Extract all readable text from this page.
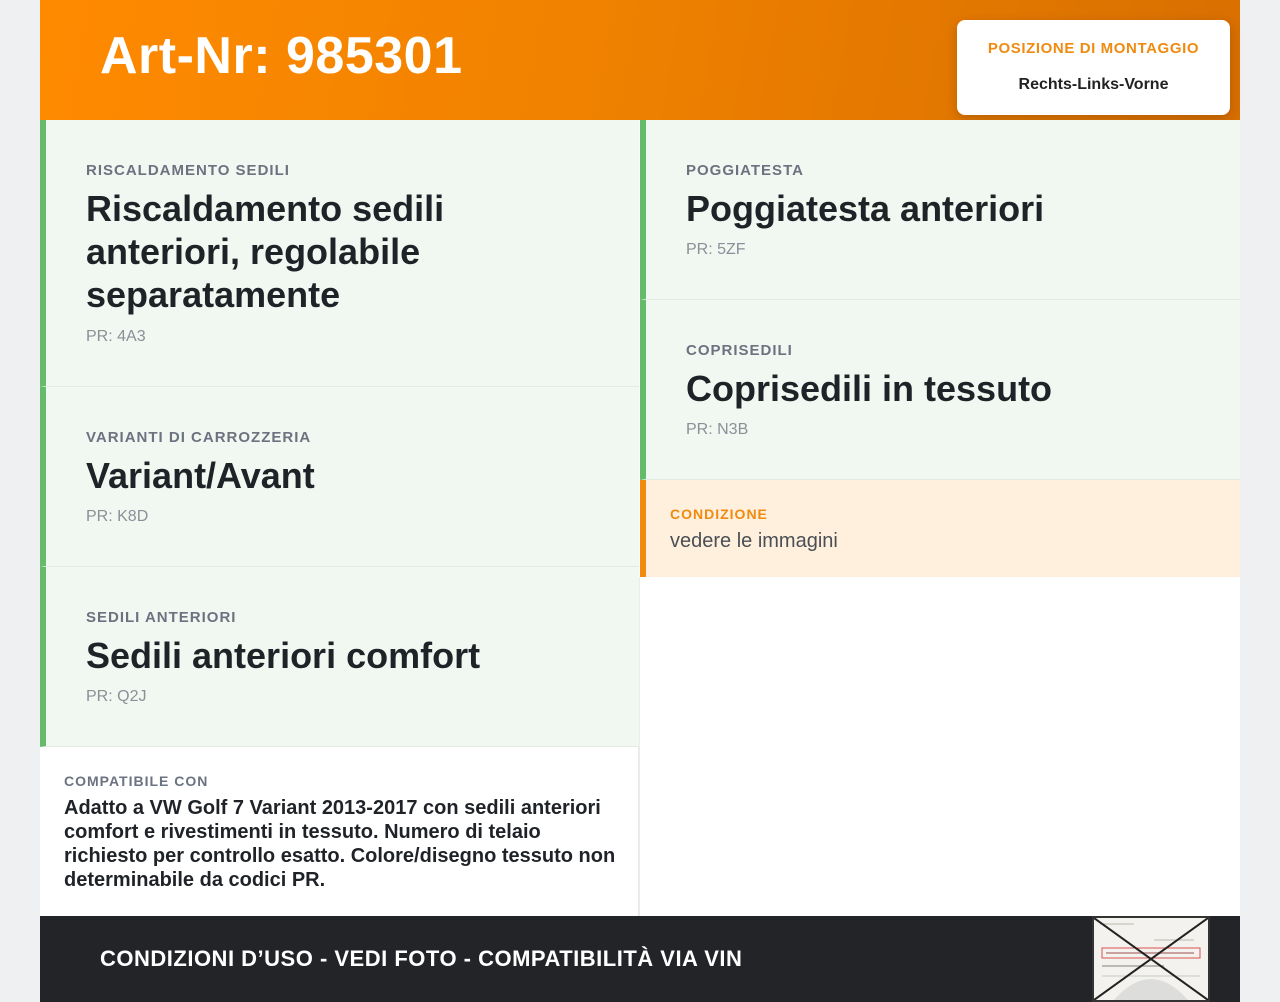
Art-Nr: 985301	POSIZIONE DI MONTAGGIO
Rechts-Links-Vorne
RISCALDAMENTO SEDILI
Riscaldamento sedili anteriori, regolabile separatamente
PR: 4A3
VARIANTI DI CARROZZERIA
Variant/Avant
PR: K8D
SEDILI ANTERIORI
Sedili anteriori comfort
PR: Q2J
POGGIATESTA
Poggiatesta anteriori
PR: 5ZF
COPRISEDILI
Coprisedili in tessuto
PR: N3B
CONDIZIONE
vedere le immagini
COMPATIBILE CON
Adatto a VW Golf 7 Variant 2013-2017 con sedili anteriori comfort e rivestimenti in tessuto. Numero di telaio richiesto per controllo esatto. Colore/disegno tessuto non determinabile da codici PR.
CONDIZIONI D’USO - VEDI FOTO - COMPATIBILITÀ VIA VIN
